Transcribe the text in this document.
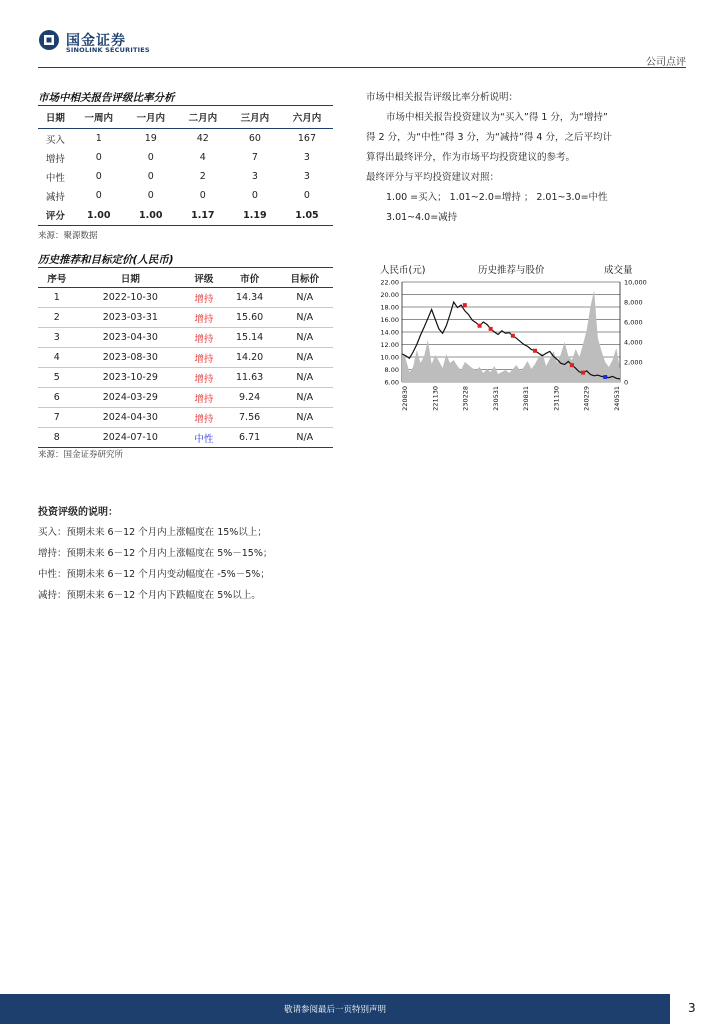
国金证券
SINOLINK SECURITIES
公司点评
市场中相关报告评级比率分析
日期	一周内	一月内	二月内	三月内	六月内
买入	1	19	42	60	167
增持	0	0	4	7	3
中性	0	0	2	3	3
减持	0	0	0	0	0
评分	1.00	1.00	1.17	1.19	1.05
来源：聚源数据
市场中相关报告评级比率分析说明：
市场中相关报告投资建议为“买入”得 1 分，为“增持”
得 2 分，为“中性”得 3 分，为“减持”得 4 分，之后平均计
算得出最终评分，作为市场平均投资建议的参考。
最终评分与平均投资建议对照：
1.00 =买入； 1.01~2.0=增持 ； 2.01~3.0=中性
3.01~4.0=减持
历史推荐和目标定价(人民币)
序号	日期	评级	市价	目标价
1	2022-10-30	增持	14.34	N/A
2	2023-03-31	增持	15.60	N/A
3	2023-04-30	增持	15.14	N/A
4	2023-08-30	增持	14.20	N/A
5	2023-10-29	增持	11.63	N/A
6	2024-03-29	增持	9.24	N/A
7	2024-04-30	增持	7.56	N/A
8	2024-07-10	中性	6.71	N/A
来源：国金证券研究所
人民币(元)	历史推荐与股价	成交量
22.00
20.00
18.00
16.00
14.00
12.00
10.00
8.00
6.00
10,000
8,000
6,000
4,000
2,000
0
220830	221130	230228	230531	230831	231130	240229	240531
投资评级的说明：
买入：预期未来 6－12 个月内上涨幅度在 15%以上；
增持：预期未来 6－12 个月内上涨幅度在 5%－15%；
中性：预期未来 6－12 个月内变动幅度在 -5%－5%；
减持：预期未来 6－12 个月内下跌幅度在 5%以上。
敬请参阅最后一页特别声明	3
